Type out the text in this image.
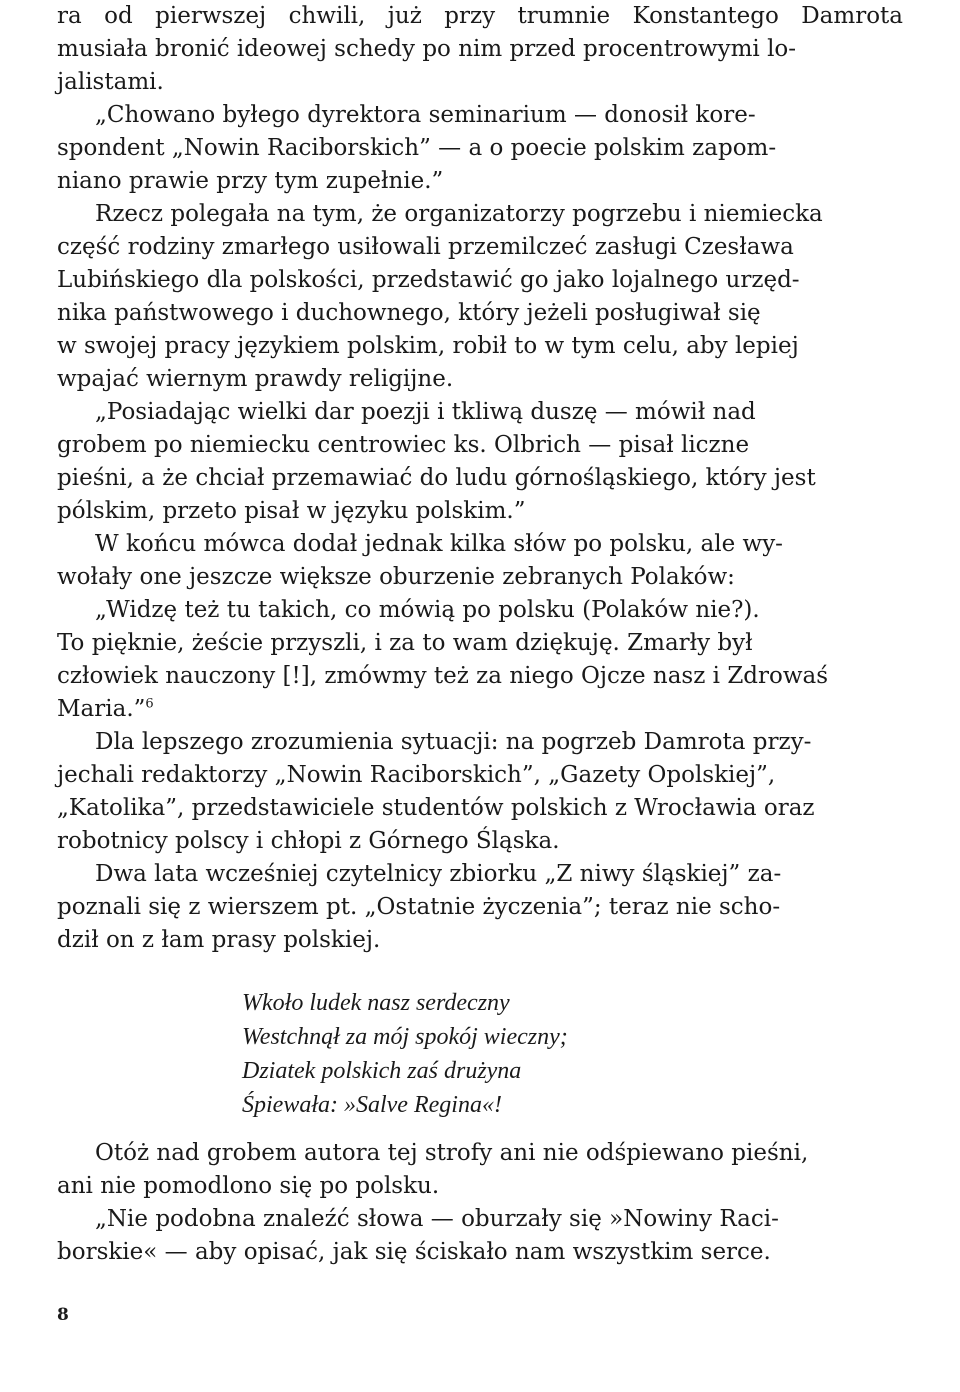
ra od pierwszej chwili, już przy trumnie Konstantego Damrota
musiała bronić ideowej schedy po nim przed procentrowymi lo-
jalistami.
„Chowano byłego dyrektora seminarium — donosił kore-
spondent „Nowin Raciborskich” — a o poecie polskim zapom-
niano prawie przy tym zupełnie.”
Rzecz polegała na tym, że organizatorzy pogrzebu i niemiecka
część rodziny zmarłego usiłowali przemilczeć zasługi Czesława
Lubińskiego dla polskości, przedstawić go jako lojalnego urzęd-
nika państwowego i duchownego, który jeżeli posługiwał się
w swojej pracy językiem polskim, robił to w tym celu, aby lepiej
wpajać wiernym prawdy religijne.
„Posiadając wielki dar poezji i tkliwą duszę — mówił nad
grobem po niemiecku centrowiec ks. Olbrich — pisał liczne
pieśni, a że chciał przemawiać do ludu górnośląskiego, który jest
pólskim, przeto pisał w języku polskim.”
W końcu mówca dodał jednak kilka słów po polsku, ale wy-
wołały one jeszcze większe oburzenie zebranych Polaków:
„Widzę też tu takich, co mówią po polsku (Polaków nie?).
To pięknie, żeście przyszli, i za to wam dziękuję. Zmarły był
człowiek nauczony [!], zmówmy też za niego Ojcze nasz i Zdrowaś
Maria.”$^6$
Dla lepszego zrozumienia sytuacji: na pogrzeb Damrota przy-
jechali redaktorzy „Nowin Raciborskich”, „Gazety Opolskiej”,
„Katolika”, przedstawiciele studentów polskich z Wrocławia oraz
robotnicy polscy i chłopi z Górnego Śląska.
Dwa lata wcześniej czytelnicy zbiorku „Z niwy śląskiej” za-
poznali się z wierszem pt. „Ostatnie życzenia”; teraz nie scho-
dził on z łam prasy polskiej.
Wkoło ludek nasz serdeczny
Westchnął za mój spokój wieczny;
Dziatek polskich zaś drużyna
Śpiewała: »Salve Regina«!
Otóż nad grobem autora tej strofy ani nie odśpiewano pieśni,
ani nie pomodlono się po polsku.
„Nie podobna znaleźć słowa — oburzały się »Nowiny Raci-
borskie« — aby opisać, jak się ściskało nam wszystkim serce.
8
